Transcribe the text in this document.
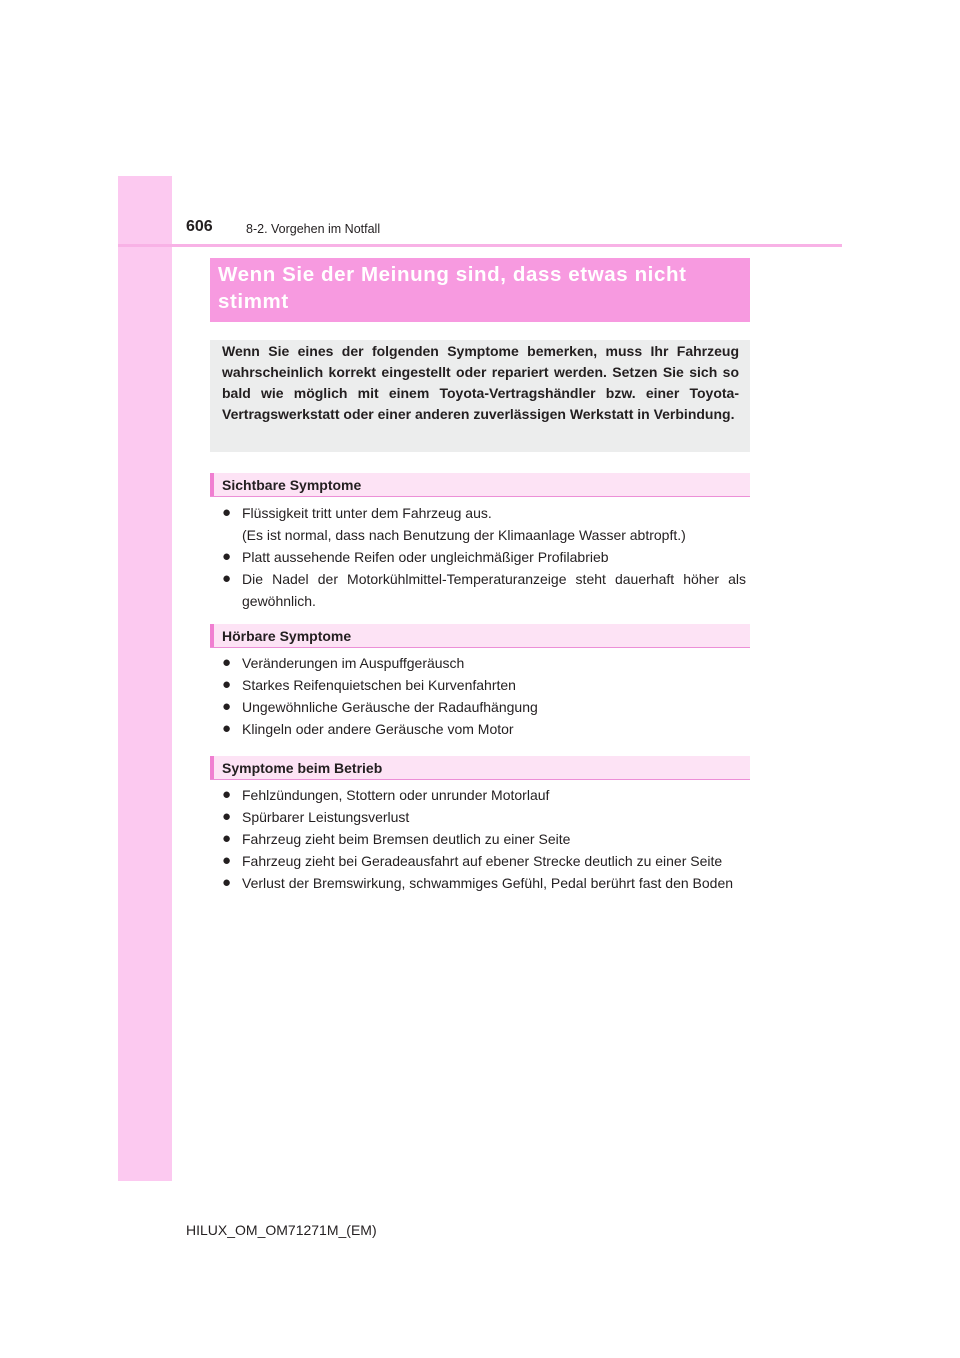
606	8-2. Vorgehen im Notfall

Wenn Sie der Meinung sind, dass etwas nicht stimmt

Wenn Sie eines der folgenden Symptome bemerken, muss Ihr Fahrzeug wahrscheinlich korrekt eingestellt oder repariert werden. Setzen Sie sich so bald wie möglich mit einem Toyota-Vertragshändler bzw. einer Toyota-Vertragswerkstatt oder einer anderen zuverlässigen Werkstatt in Verbindung.

Sichtbare Symptome
● Flüssigkeit tritt unter dem Fahrzeug aus.
(Es ist normal, dass nach Benutzung der Klimaanlage Wasser abtropft.)
● Platt aussehende Reifen oder ungleichmäßiger Profilabrieb
● Die Nadel der Motorkühlmittel-Temperaturanzeige steht dauerhaft höher als gewöhnlich.
Hörbare Symptome
● Veränderungen im Auspuffgeräusch
● Starkes Reifenquietschen bei Kurvenfahrten
● Ungewöhnliche Geräusche der Radaufhängung
● Klingeln oder andere Geräusche vom Motor
Symptome beim Betrieb
● Fehlzündungen, Stottern oder unrunder Motorlauf
● Spürbarer Leistungsverlust
● Fahrzeug zieht beim Bremsen deutlich zu einer Seite
● Fahrzeug zieht bei Geradeausfahrt auf ebener Strecke deutlich zu einer Seite
● Verlust der Bremswirkung, schwammiges Gefühl, Pedal berührt fast den Boden
HILUX_OM_OM71271M_(EM)
